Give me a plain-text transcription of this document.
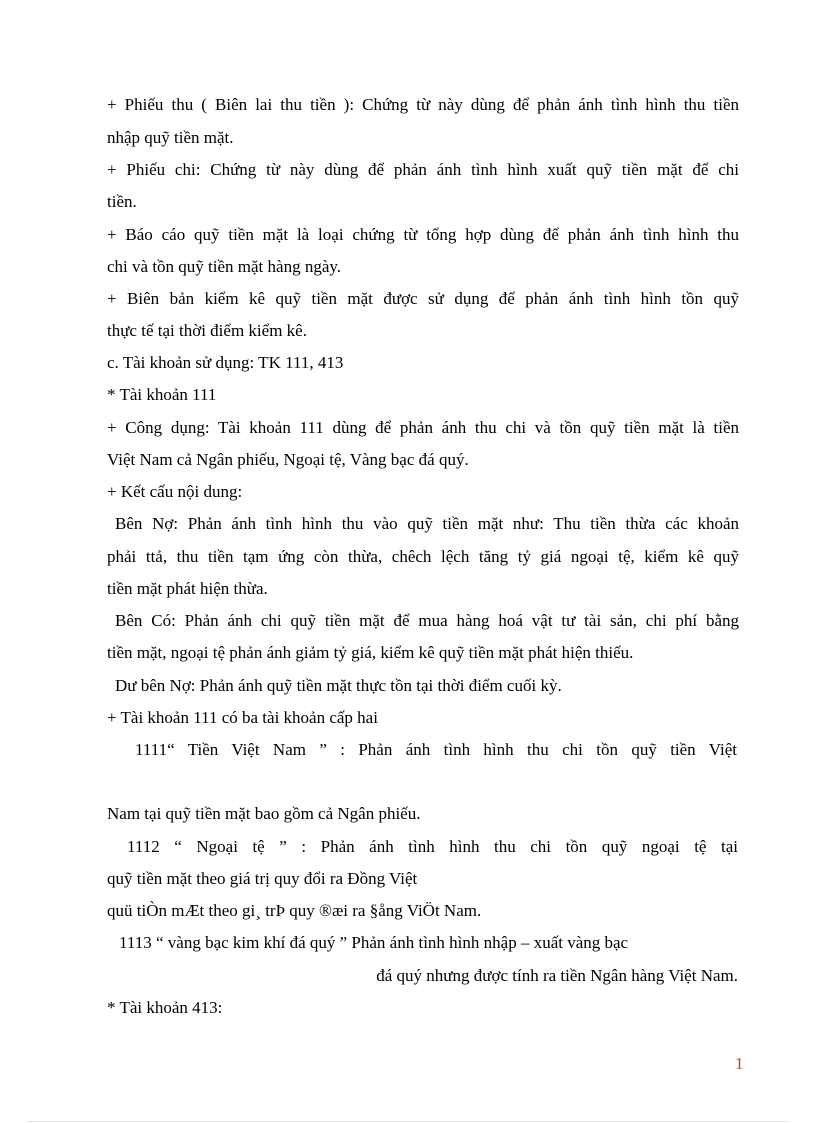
+ Phiếu thu ( Biên lai thu tiền ): Chứng từ này dùng để phản ánh tình hình thu tiền
nhập quỹ tiền mặt.
+ Phiếu chi: Chứng từ này dùng để phản ánh tình hình xuất quỹ tiền mặt để chi
tiền.
+ Báo cáo quỹ tiền mặt là loại chứng từ tổng hợp dùng để phản ánh tình hình thu
chi và tồn quỹ tiền mặt hàng ngày.
+ Biên bản kiểm kê quỹ tiền mặt được sử dụng để phản ánh tình hình tồn quỹ
thực tế tại thời điểm kiểm kê.
c. Tài khoản sử dụng: TK 111, 413
* Tài khoản 111
+ Công dụng: Tài khoản 111 dùng để phản ánh thu chi và tồn quỹ tiền mặt là tiền
Việt Nam cả Ngân phiếu, Ngoại tệ, Vàng bạc đá quý.
+ Kết cấu nội dung:
Bên Nợ: Phản ánh tình hình thu vào quỹ tiền mặt như: Thu tiền thừa các khoản
phải ttả, thu tiền tạm ứng còn thừa, chêch lệch tăng tỷ giá ngoại tệ, kiểm kê quỹ
tiền mặt phát hiện thừa.
Bên Có: Phản ánh chi quỹ tiền mặt để mua hàng hoá vật tư tài sản, chi phí bằng
tiền mặt, ngoại tệ phản ánh giảm tỷ giá, kiểm kê quỹ tiền mặt phát hiện thiếu.
Dư bên Nợ: Phản ánh quỹ tiền mặt thực tồn tại thời điểm cuối kỳ.
+ Tài khoản 111 có ba tài khoản cấp hai
1111“ Tiền Việt Nam ” : Phản ánh tình hình thu chi tồn quỹ tiền Việt
Nam tại quỹ tiền mặt bao gồm cả Ngân phiếu.
1112 “ Ngoại tệ ” : Phản ánh tình hình thu chi tồn quỹ ngoại tệ tại
quỹ tiền mặt theo giá trị quy đổi ra Đồng Việt
quü tiÒn mÆt theo gi¸ trÞ quy ®æi ra §ång ViÖt Nam.
1113 “ vàng bạc kim khí đá quý ” Phản ánh tình hình nhập – xuất vàng bạc
đá quý nhưng được tính ra tiền Ngân hàng Việt Nam.
* Tài khoản 413:
1
